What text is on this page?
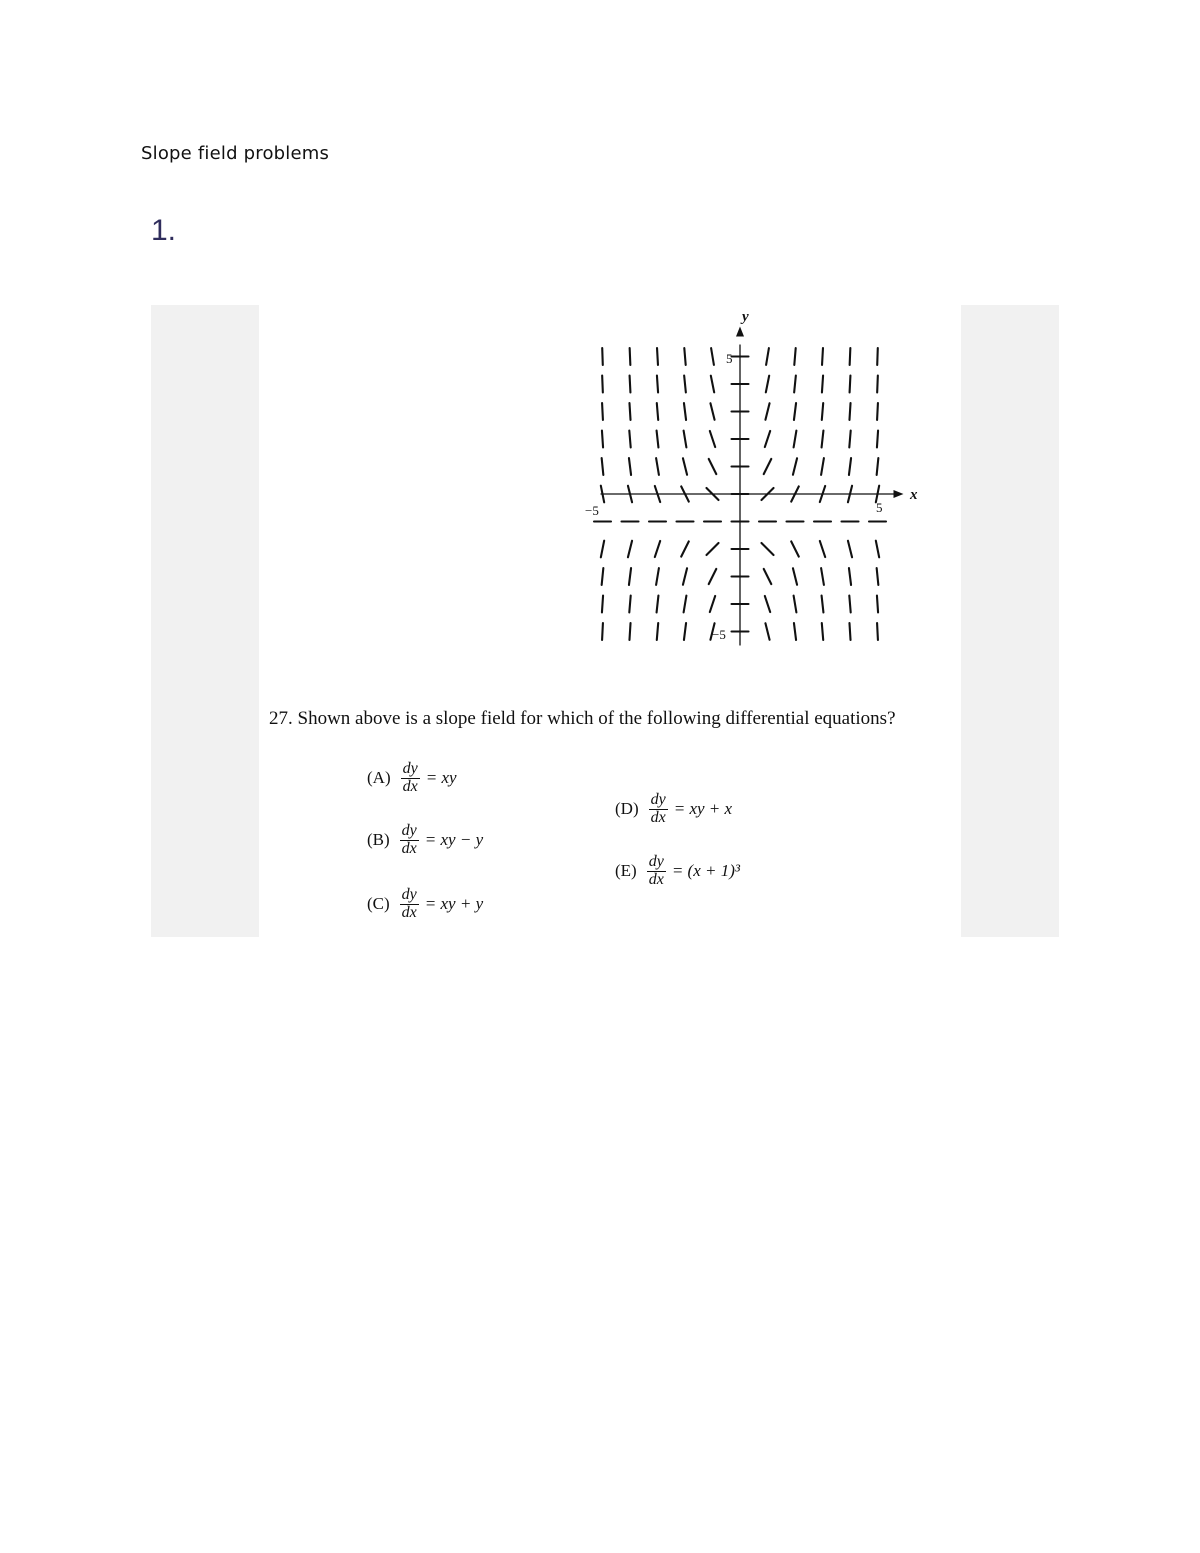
Slope field problems
1.
y
x
5
−5
−5	5
27. Shown above is a slope field for which of the following differential equations?
$(A) \frac{dy}{dx}$ = xy
$(B) \frac{dy}{dx}$ = xy − y
$(C) \frac{dy}{dx}$ = xy + y
$(D) \frac{dy}{dx}$ = xy + x
$(E) \frac{dy}{dx} = (x + 1)^3$
